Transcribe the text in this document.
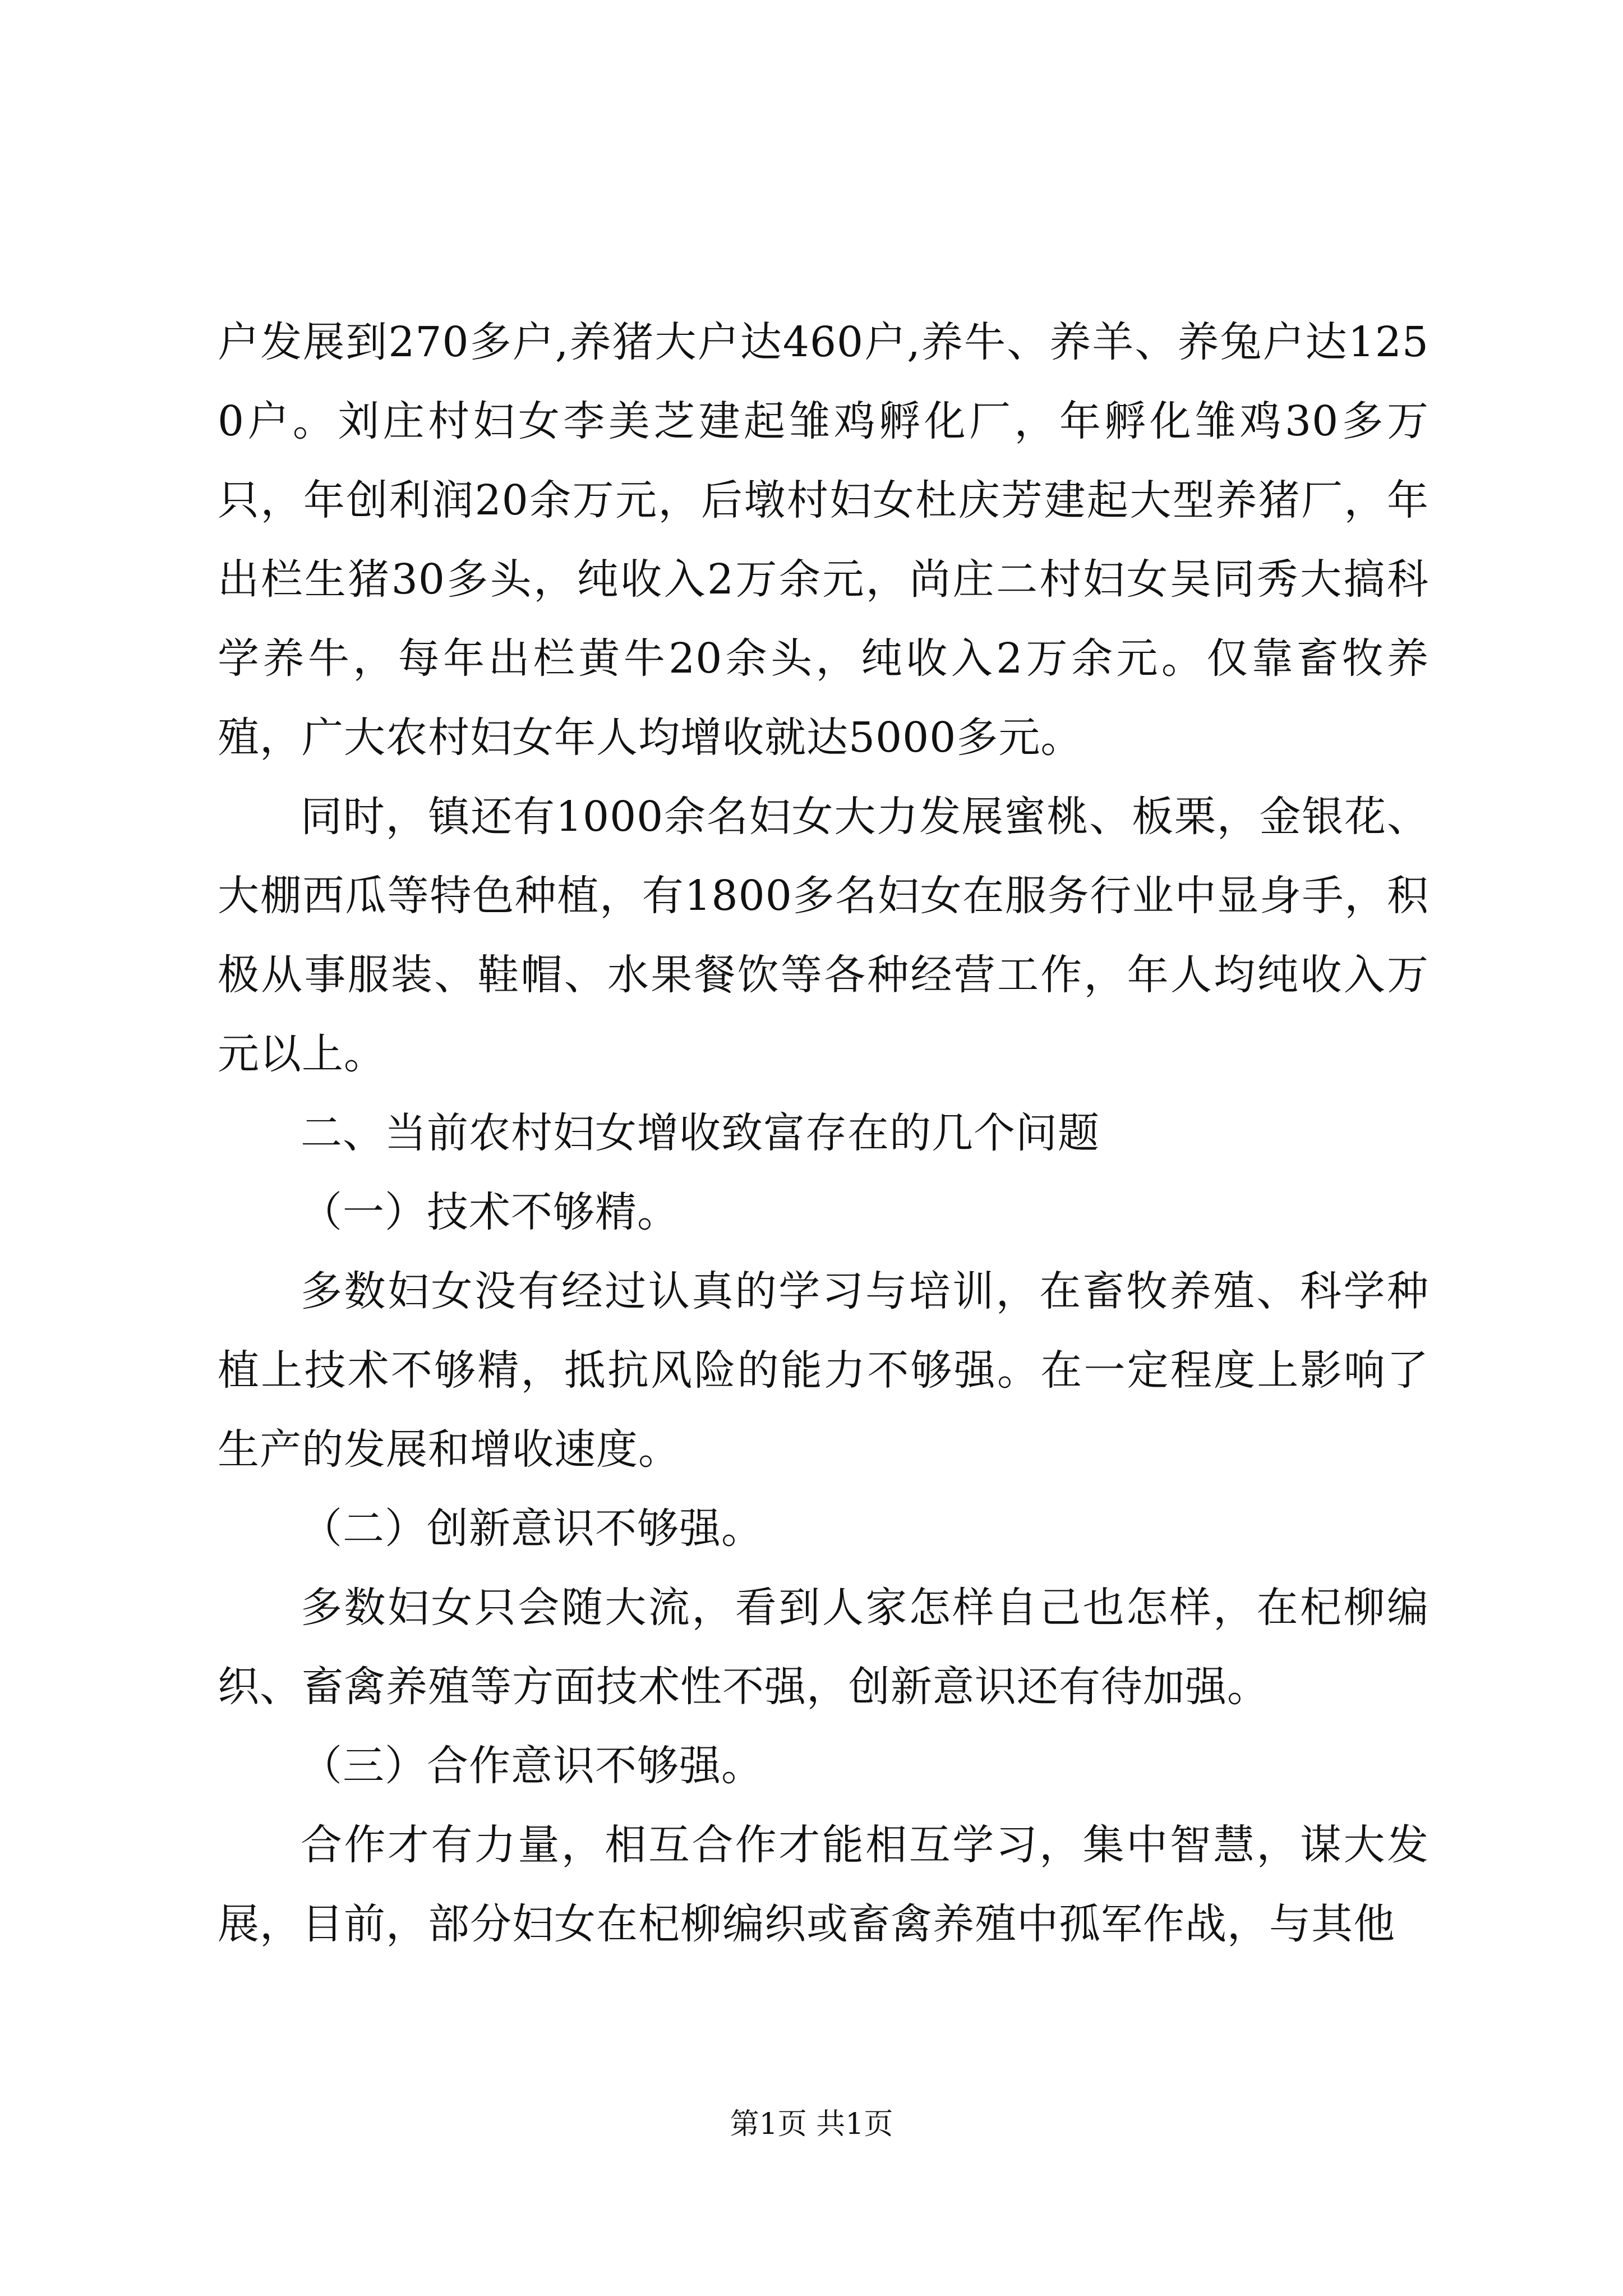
户发展到270多户,养猪大户达460户,养牛、养羊、养兔户达1250户。刘庄村妇女李美芝建起雏鸡孵化厂，年孵化雏鸡30多万只，年创利润20余万元，后墩村妇女杜庆芳建起大型养猪厂，年出栏生猪30多头，纯收入2万余元，尚庄二村妇女吴同秀大搞科学养牛，每年出栏黄牛20余头，纯收入2万余元。仅靠畜牧养殖，广大农村妇女年人均增收就达5000多元。

同时，镇还有1000余名妇女大力发展蜜桃、板栗，金银花、大棚西瓜等特色种植，有1800多名妇女在服务行业中显身手，积极从事服装、鞋帽、水果餐饮等各种经营工作，年人均纯收入万元以上。

二、当前农村妇女增收致富存在的几个问题

（一）技术不够精。

多数妇女没有经过认真的学习与培训，在畜牧养殖、科学种植上技术不够精，抵抗风险的能力不够强。在一定程度上影响了生产的发展和增收速度。

（二）创新意识不够强。

多数妇女只会随大流，看到人家怎样自己也怎样，在杞柳编织、畜禽养殖等方面技术性不强，创新意识还有待加强。

（三）合作意识不够强。

合作才有力量，相互合作才能相互学习，集中智慧，谋大发展，目前，部分妇女在杞柳编织或畜禽养殖中孤军作战，与其他

第1页 共1页
